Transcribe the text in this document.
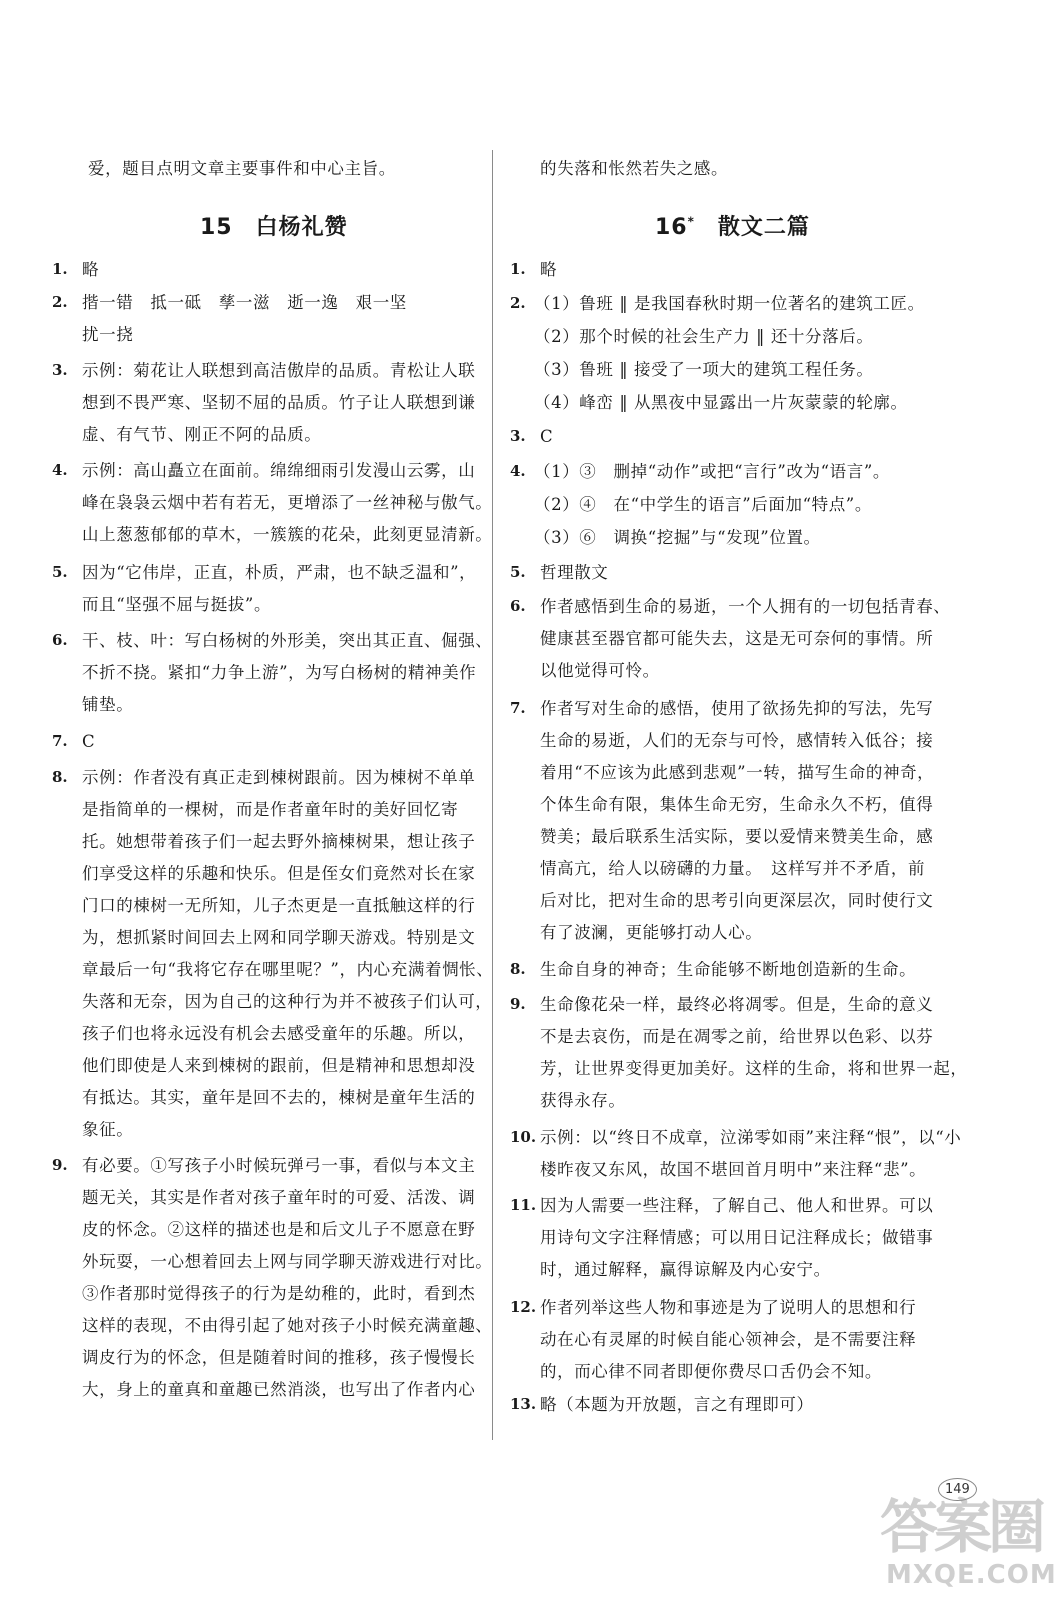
爱，题目点明文章主要事件和中心主旨。
15　白杨礼赞
1. 略
2. 揩一错　抵一砥　孳一滋　逝一逸　艰一坚
扰一挠
3. 示例：菊花让人联想到高洁傲岸的品质。青松让人联
想到不畏严寒、坚韧不屈的品质。竹子让人联想到谦
虚、有气节、刚正不阿的品质。
4. 示例：高山矗立在面前。绵绵细雨引发漫山云雾，山
峰在袅袅云烟中若有若无，更增添了一丝神秘与傲气。
山上葱葱郁郁的草木，一簇簇的花朵，此刻更显清新。
5. 因为“它伟岸，正直，朴质，严肃，也不缺乏温和”，
而且“坚强不屈与挺拔”。
6. 干、枝、叶：写白杨树的外形美，突出其正直、倔强、
不折不挠。紧扣“力争上游”，为写白杨树的精神美作
铺垫。
7. C
8. 示例：作者没有真正走到棟树跟前。因为棟树不单单
是指简单的一棵树，而是作者童年时的美好回忆寄
托。她想带着孩子们一起去野外摘棟树果，想让孩子
们享受这样的乐趣和快乐。但是侄女们竟然对长在家
门口的棟树一无所知，儿子杰更是一直抵触这样的行
为，想抓紧时间回去上网和同学聊天游戏。特别是文
章最后一句“我将它存在哪里呢？”，内心充满着惆怅、
失落和无奈，因为自己的这种行为并不被孩子们认可，
孩子们也将永远没有机会去感受童年的乐趣。所以，
他们即使是人来到棟树的跟前，但是精神和思想却没
有抵达。其实，童年是回不去的，棟树是童年生活的
象征。
9. 有必要。①写孩子小时候玩弹弓一事，看似与本文主
题无关，其实是作者对孩子童年时的可爱、活泼、调
皮的怀念。②这样的描述也是和后文儿子不愿意在野
外玩耍，一心想着回去上网与同学聊天游戏进行对比。
③作者那时觉得孩子的行为是幼稚的，此时，看到杰
这样的表现，不由得引起了她对孩子小时候充满童趣、
调皮行为的怀念，但是随着时间的推移，孩子慢慢长
大，身上的童真和童趣已然消淡，也写出了作者内心
的失落和怅然若失之感。
16*　散文二篇
1. 略
2. （1）鲁班 ‖ 是我国春秋时期一位著名的建筑工匠。
（2）那个时候的社会生产力 ‖ 还十分落后。
（3）鲁班 ‖ 接受了一项大的建筑工程任务。
（4）峰峦 ‖ 从黑夜中显露出一片灰蒙蒙的轮廓。
3. C
4. （1）③　删掉“动作”或把“言行”改为“语言”。
（2）④　在“中学生的语言”后面加“特点”。
（3）⑥　调换“挖掘”与“发现”位置。
5. 哲理散文
6. 作者感悟到生命的易逝，一个人拥有的一切包括青春、
健康甚至器官都可能失去，这是无可奈何的事情。所
以他觉得可怜。
7. 作者写对生命的感悟，使用了欲扬先抑的写法，先写
生命的易逝，人们的无奈与可怜，感情转入低谷；接
着用“不应该为此感到悲观”一转，描写生命的神奇，
个体生命有限，集体生命无穷，生命永久不朽，值得
赞美；最后联系生活实际，要以爱情来赞美生命，感
情高亢，给人以磅礴的力量。　这样写并不矛盾，前
后对比，把对生命的思考引向更深层次，同时使行文
有了波澜，更能够打动人心。
8. 生命自身的神奇；生命能够不断地创造新的生命。
9. 生命像花朵一样，最终必将凋零。但是，生命的意义
不是去哀伤，而是在凋零之前，给世界以色彩、以芬
芳，让世界变得更加美好。这样的生命，将和世界一起，
获得永存。
10. 示例：以“终日不成章，泣涕零如雨”来注释“恨”，以“小
楼昨夜又东风，故国不堪回首月明中”来注释“悲”。
11. 因为人需要一些注释，了解自己、他人和世界。可以
用诗句文字注释情感；可以用日记注释成长；做错事
时，通过解释，赢得谅解及内心安宁。
12. 作者列举这些人物和事迹是为了说明人的思想和行
动在心有灵犀的时候自能心领神会，是不需要注释
的，而心律不同者即便你费尽口舌仍会不知。
13. 略（本题为开放题，言之有理即可）
答案圈
MXQE.COM
149
